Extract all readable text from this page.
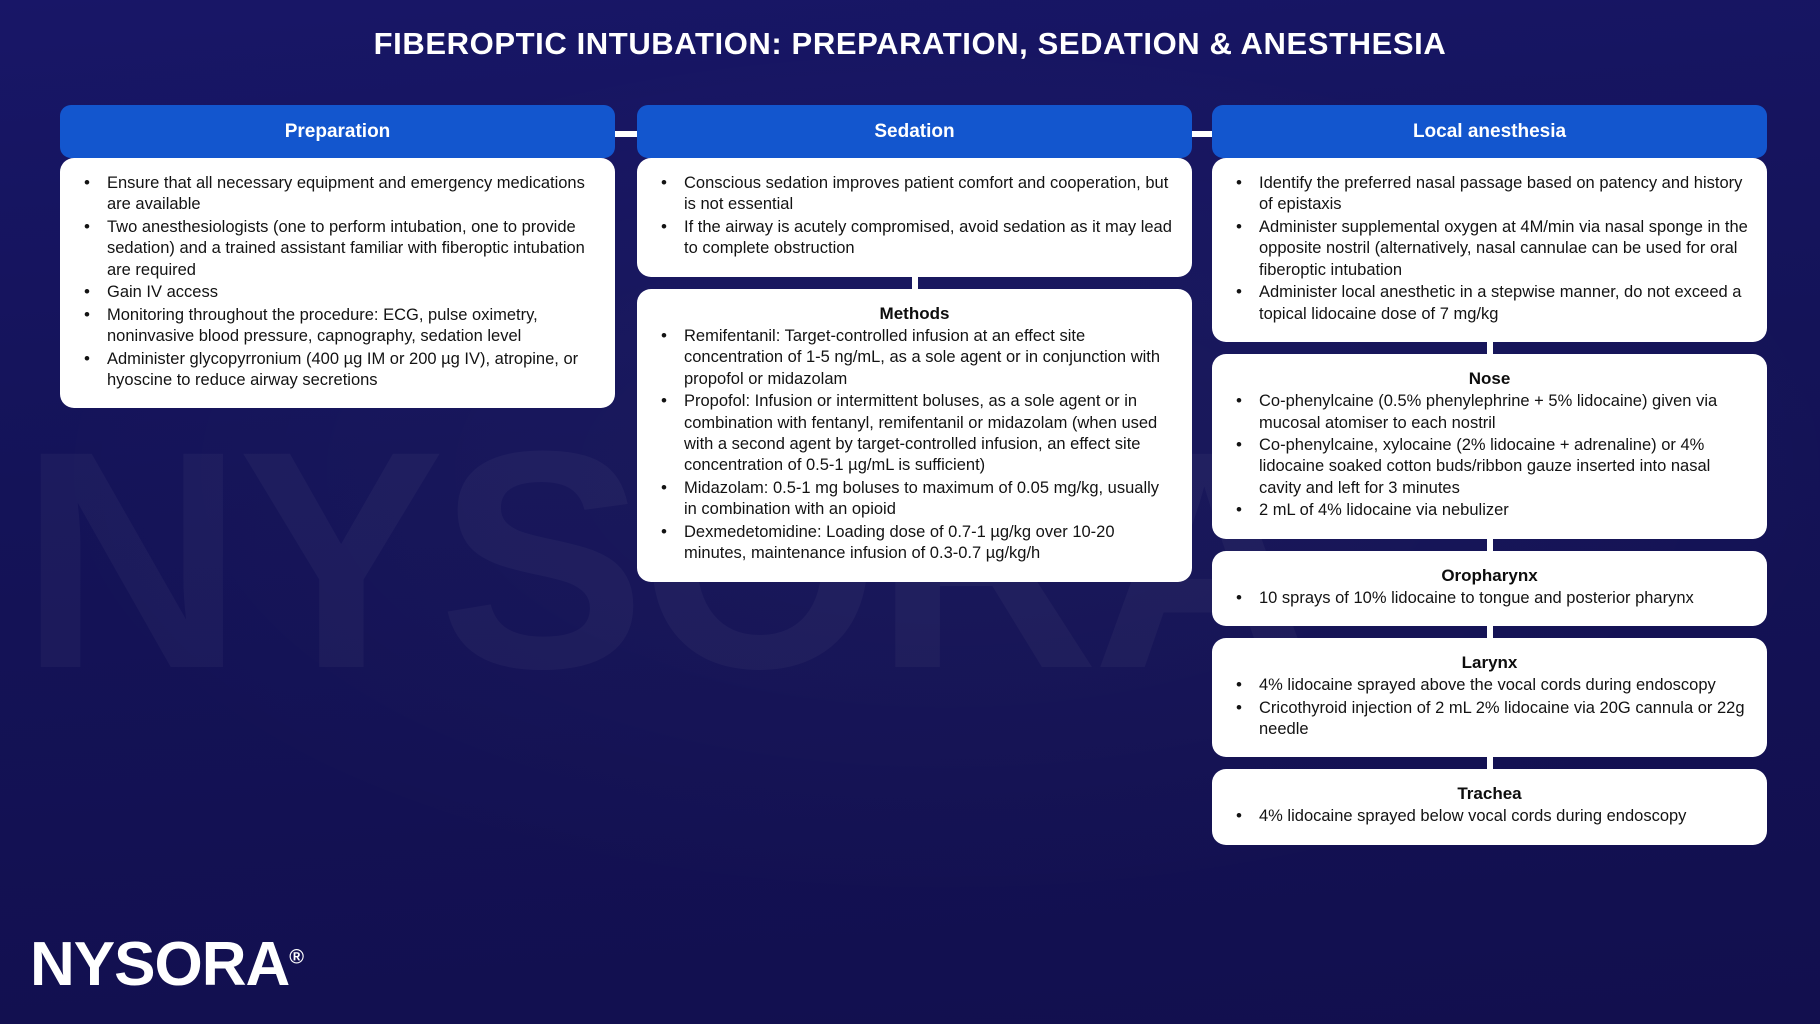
FIBEROPTIC INTUBATION: PREPARATION, SEDATION & ANESTHESIA
Preparation
• Ensure that all necessary equipment and emergency medications are available
• Two anesthesiologists (one to perform intubation, one to provide sedation) and a trained assistant familiar with fiberoptic intubation are required
• Gain IV access
• Monitoring throughout the procedure: ECG, pulse oximetry, noninvasive blood pressure, capnography, sedation level
• Administer glycopyrronium (400 µg IM or 200 µg IV), atropine, or hyoscine to reduce airway secretions
Sedation
• Conscious sedation improves patient comfort and cooperation, but is not essential
• If the airway is acutely compromised, avoid sedation as it may lead to complete obstruction
Methods
• Remifentanil: Target-controlled infusion at an effect site concentration of 1-5 ng/mL, as a sole agent or in conjunction with propofol or midazolam
• Propofol: Infusion or intermittent boluses, as a sole agent or in combination with fentanyl, remifentanil or midazolam (when used with a second agent by target-controlled infusion, an effect site concentration of 0.5-1 µg/mL is sufficient)
• Midazolam: 0.5-1 mg boluses to maximum of 0.05 mg/kg, usually in combination with an opioid
• Dexmedetomidine: Loading dose of 0.7-1 µg/kg over 10-20 minutes, maintenance infusion of 0.3-0.7 µg/kg/h
Local anesthesia
• Identify the preferred nasal passage based on patency and history of epistaxis
• Administer supplemental oxygen at 4M/min via nasal sponge in the opposite nostril (alternatively, nasal cannulae can be used for oral fiberoptic intubation
• Administer local anesthetic in a stepwise manner, do not exceed a topical lidocaine dose of 7 mg/kg
Nose
• Co-phenylcaine (0.5% phenylephrine + 5% lidocaine) given via mucosal atomiser to each nostril
• Co-phenylcaine, xylocaine (2% lidocaine + adrenaline) or 4% lidocaine soaked cotton buds/ribbon gauze inserted into nasal cavity and left for 3 minutes
• 2 mL of 4% lidocaine via nebulizer
Oropharynx
• 10 sprays of 10% lidocaine to tongue and posterior pharynx
Larynx
• 4% lidocaine sprayed above the vocal cords during endoscopy
• Cricothyroid injection of 2 mL 2% lidocaine via 20G cannula or 22g needle
Trachea
• 4% lidocaine sprayed below vocal cords during endoscopy
NYSORA®
